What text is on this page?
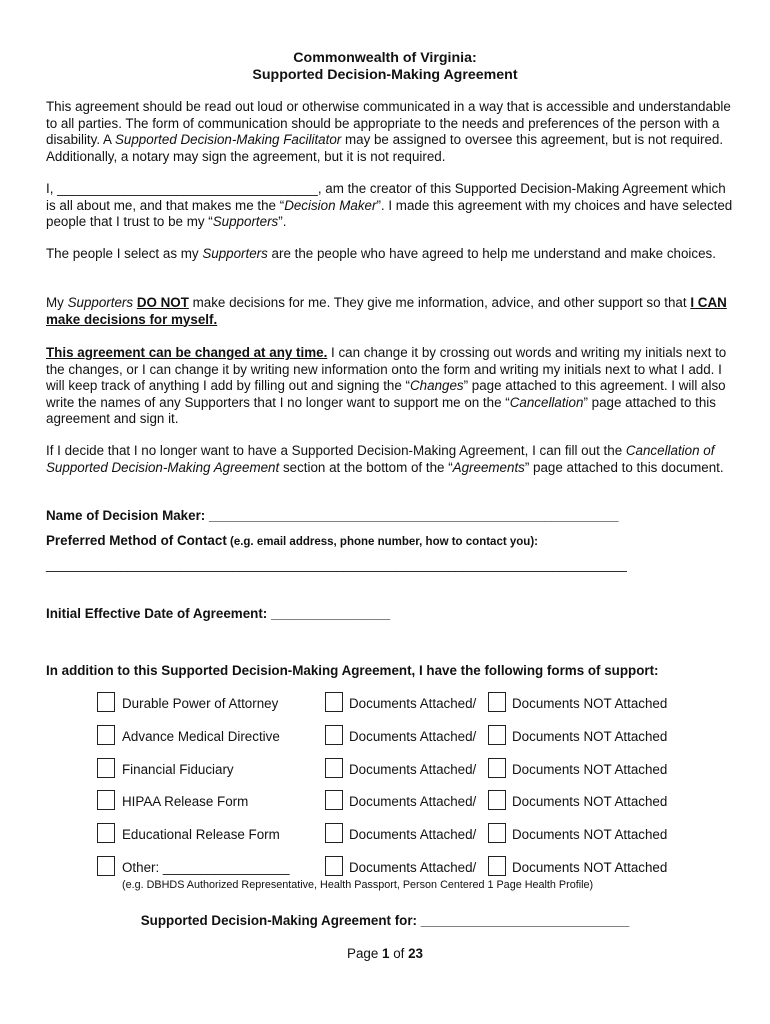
Commonwealth of Virginia:
Supported Decision-Making Agreement

This agreement should be read out loud or otherwise communicated in a way that is accessible and understandable to all parties. The form of communication should be appropriate to the needs and preferences of the person with a disability. A Supported Decision-Making Facilitator may be assigned to oversee this agreement, but is not required. Additionally, a notary may sign the agreement, but it is not required.

I, ___________________________________, am the creator of this Supported Decision-Making Agreement which is all about me, and that makes me the “Decision Maker”. I made this agreement with my choices and have selected people that I trust to be my “Supporters”.

The people I select as my Supporters are the people who have agreed to help me understand and make choices.

My Supporters DO NOT make decisions for me. They give me information, advice, and other support so that I CAN make decisions for myself.

This agreement can be changed at any time. I can change it by crossing out words and writing my initials next to the changes, or I can change it by writing new information onto the form and writing my initials next to what I add. I will keep track of anything I add by filling out and signing the “Changes” page attached to this agreement. I will also write the names of any Supporters that I no longer want to support me on the “Cancellation” page attached to this agreement and sign it.

If I decide that I no longer want to have a Supported Decision-Making Agreement, I can fill out the Cancellation of Supported Decision-Making Agreement section at the bottom of the “Agreements” page attached to this document.

Name of Decision Maker: _______________________________________________________
Preferred Method of Contact (e.g. email address, phone number, how to contact you):
______________________________________________________________________________
Initial Effective Date of Agreement: ________________
In addition to this Supported Decision-Making Agreement, I have the following forms of support:
Durable Power of Attorney	Documents Attached/	Documents NOT Attached
Advance Medical Directive	Documents Attached/	Documents NOT Attached
Financial Fiduciary	Documents Attached/	Documents NOT Attached
HIPAA Release Form	Documents Attached/	Documents NOT Attached
Educational Release Form	Documents Attached/	Documents NOT Attached
Other: _________________	Documents Attached/	Documents NOT Attached
(e.g. DBHDS Authorized Representative, Health Passport, Person Centered 1 Page Health Profile)
Supported Decision-Making Agreement for: ____________________________
Page 1 of 23
